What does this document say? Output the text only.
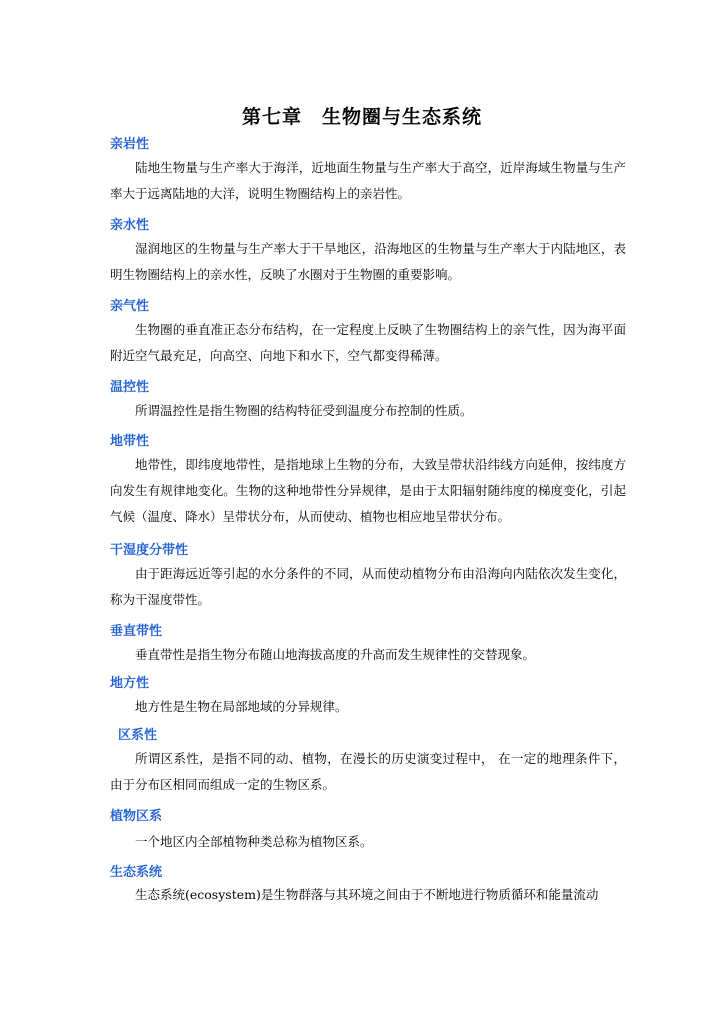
第七章　生物圈与生态系统
亲岩性

陆地生物量与生产率大于海洋，近地面生物量与生产率大于高空，近岸海域生物量与生产率大于远离陆地的大洋，说明生物圈结构上的亲岩性。

亲水性

湿润地区的生物量与生产率大于干旱地区，沿海地区的生物量与生产率大于内陆地区，表明生物圈结构上的亲水性，反映了水圈对于生物圈的重要影响。

亲气性

生物圈的垂直准正态分布结构，在一定程度上反映了生物圈结构上的亲气性，因为海平面附近空气最充足，向高空、向地下和水下，空气都变得稀薄。

温控性

所谓温控性是指生物圈的结构特征受到温度分布控制的性质。

地带性

地带性，即纬度地带性，是指地球上生物的分布，大致呈带状沿纬线方向延伸，按纬度方向发生有规律地变化。生物的这种地带性分异规律，是由于太阳辐射随纬度的梯度变化，引起气候（温度、降水）呈带状分布，从而使动、植物也相应地呈带状分布。

干湿度分带性

由于距海远近等引起的水分条件的不同，从而使动植物分布由沿海向内陆依次发生变化，称为干湿度带性。

垂直带性

垂直带性是指生物分布随山地海拔高度的升高而发生规律性的交替现象。

地方性

地方性是生物在局部地域的分异规律。

区系性

所谓区系性，是指不同的动、植物，在漫长的历史演变过程中， 在一定的地理条件下，由于分布区相同而组成一定的生物区系。

植物区系

一个地区内全部植物种类总称为植物区系。

生态系统

生态系统(ecosystem)是生物群落与其环境之间由于不断地进行物质循环和能量流动
